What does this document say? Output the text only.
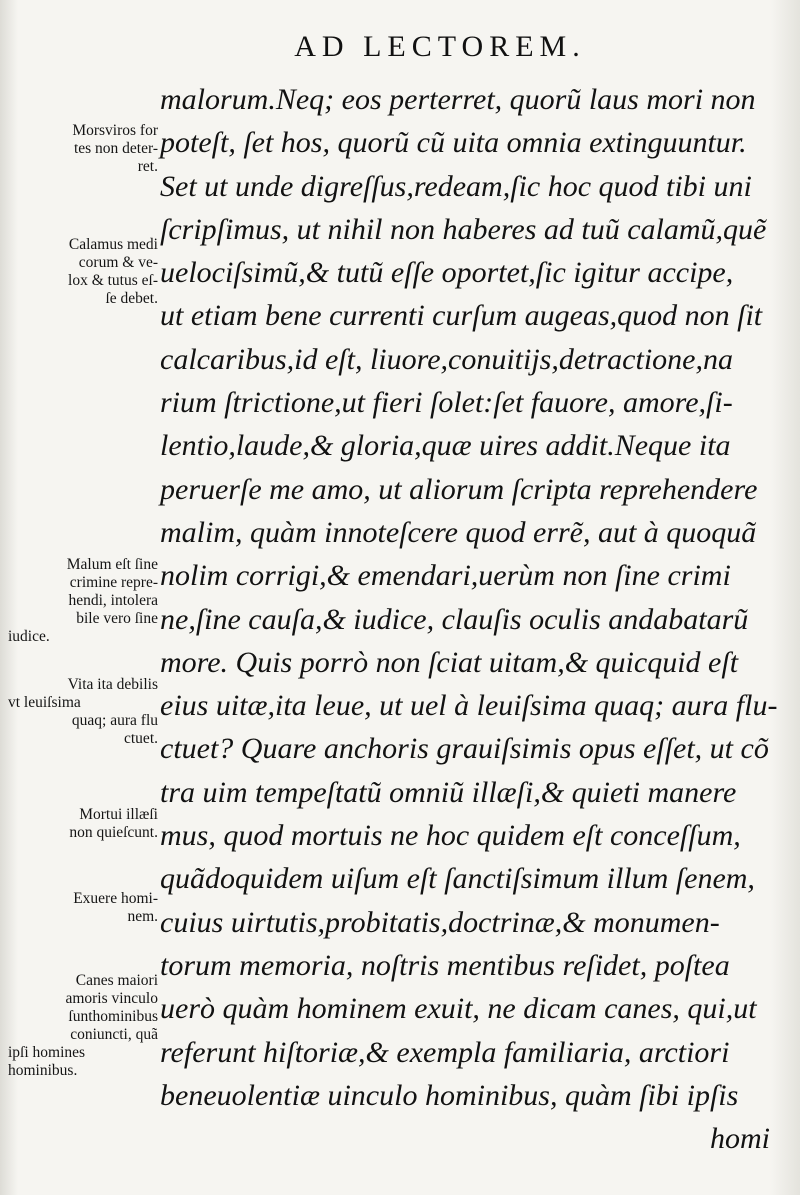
AD LECTOREM.
malorum.Neq; eos perterret, quorũ laus mori non
poteſt, ſet hos, quorũ cũ uita omnia extinguuntur.
Set ut unde digreſſus,redeam,ſic hoc quod tibi uni
ſcripſimus, ut nihil non haberes ad tuũ calamũ,quẽ
uelociſsimũ,& tutũ eſſe oportet,ſic igitur accipe,
ut etiam bene currenti curſum augeas,quod non ſit
calcaribus,id eſt, liuore,conuitijs,detractione,na
rium ſtrictione,ut fieri ſolet:ſet fauore, amore,ſi-
lentio,laude,& gloria,quæ uires addit.Neque ita
peruerſe me amo, ut aliorum ſcripta reprehendere
malim, quàm innoteſcere quod errẽ, aut à quoquã
nolim corrigi,& emendari,uerùm non ſine crimi
ne,ſine cauſa,& iudice, clauſis oculis andabatarũ
more. Quis porrò non ſciat uitam,& quicquid eſt
eius uitæ,ita leue, ut uel à leuiſsima quaq; aura flu-
ctuet? Quare anchoris grauiſsimis opus eſſet, ut cõ
tra uim tempeſtatũ omniũ illæſi,& quieti manere
mus, quod mortuis ne hoc quidem eſt conceſſum,
quãdoquidem uiſum eſt ſanctiſsimum illum ſenem,
cuius uirtutis,probitatis,doctrinæ,& monumen-
torum memoria, noſtris mentibus reſidet, poſtea
uerò quàm hominem exuit, ne dicam canes, qui,ut
referunt hiſtoriæ,& exempla familiaria, arctiori
beneuolentiæ uinculo hominibus, quàm ſibi ipſis
homi
Morsviros for
tes non deter-
ret.
Calamus medi
corum & ve-
lox & tutus eſ-
ſe debet.
Malum eſt ſine
crimine repre-
hendi, intolera
bile vero ſine
iudice.
Vita ita debilis
vt leuiſsima
quaq; aura flu
ctuet.
Mortui illæſi
non quieſcunt.
Exuere homi-
nem.
Canes maiori
amoris vinculo
ſunthominibus
coniuncti, quã
ipſi homines
hominibus.
